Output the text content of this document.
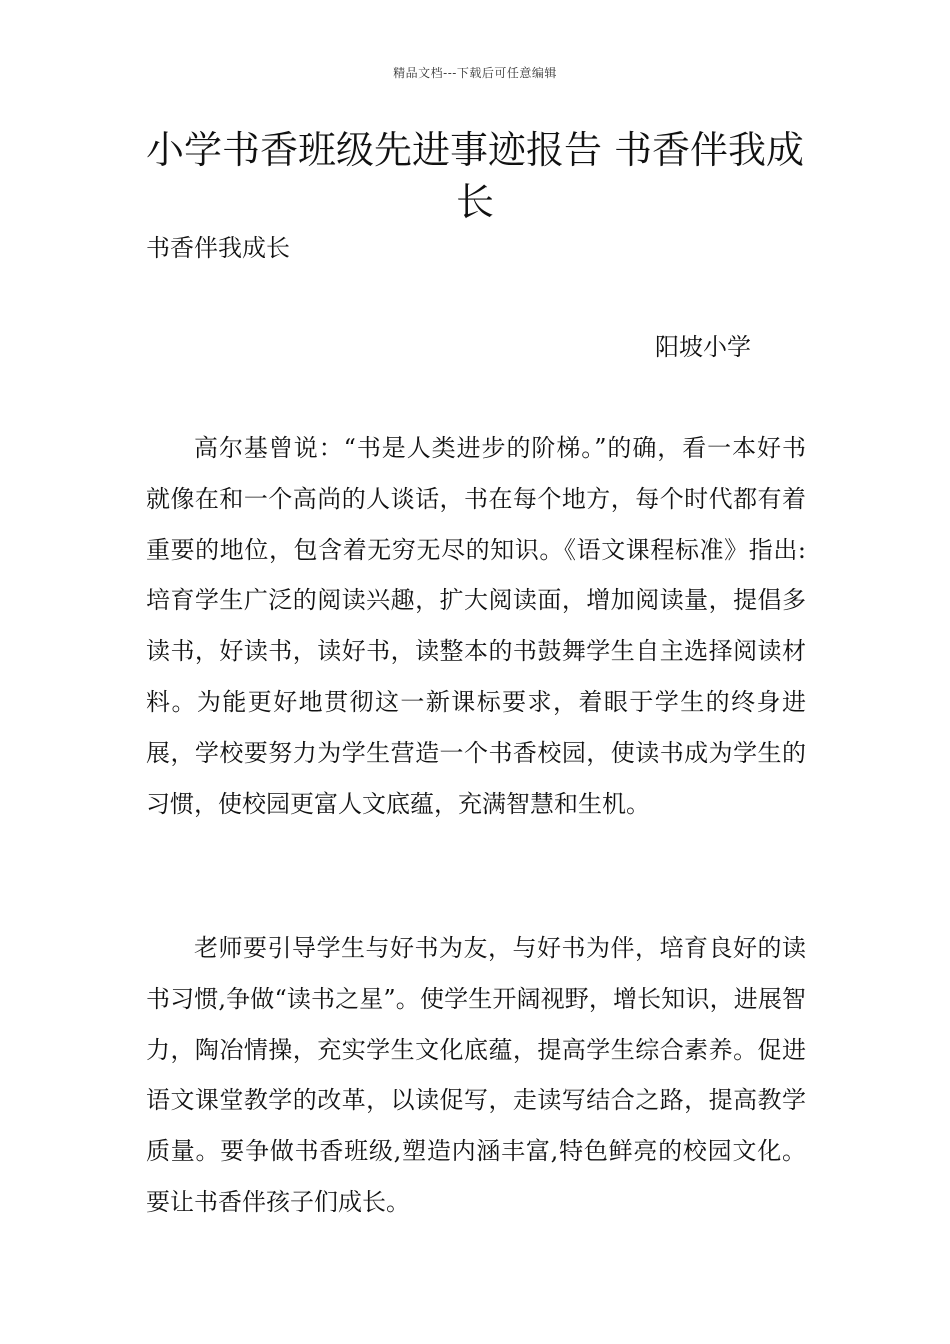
精品文档---下载后可任意编辑
小学书香班级先进事迹报告 书香伴我成长

书香伴我成长

阳坡小学

高尔基曾说：“书是人类进步的阶梯。”的确，看一本好书就像在和一个高尚的人谈话，书在每个地方，每个时代都有着重要的地位，包含着无穷无尽的知识。《语文课程标准》指出:培育学生广泛的阅读兴趣，扩大阅读面，增加阅读量，提倡多读书，好读书，读好书，读整本的书鼓舞学生自主选择阅读材料。为能更好地贯彻这一新课标要求，着眼于学生的终身进展，学校要努力为学生营造一个书香校园，使读书成为学生的习惯，使校园更富人文底蕴，充满智慧和生机。

老师要引导学生与好书为友，与好书为伴，培育良好的读书习惯,争做“读书之星”。使学生开阔视野，增长知识，进展智力，陶冶情操，充实学生文化底蕴，提高学生综合素养。促进语文课堂教学的改革，以读促写，走读写结合之路，提高教学质量。要争做书香班级,塑造内涵丰富,特色鲜亮的校园文化。要让书香伴孩子们成长。
